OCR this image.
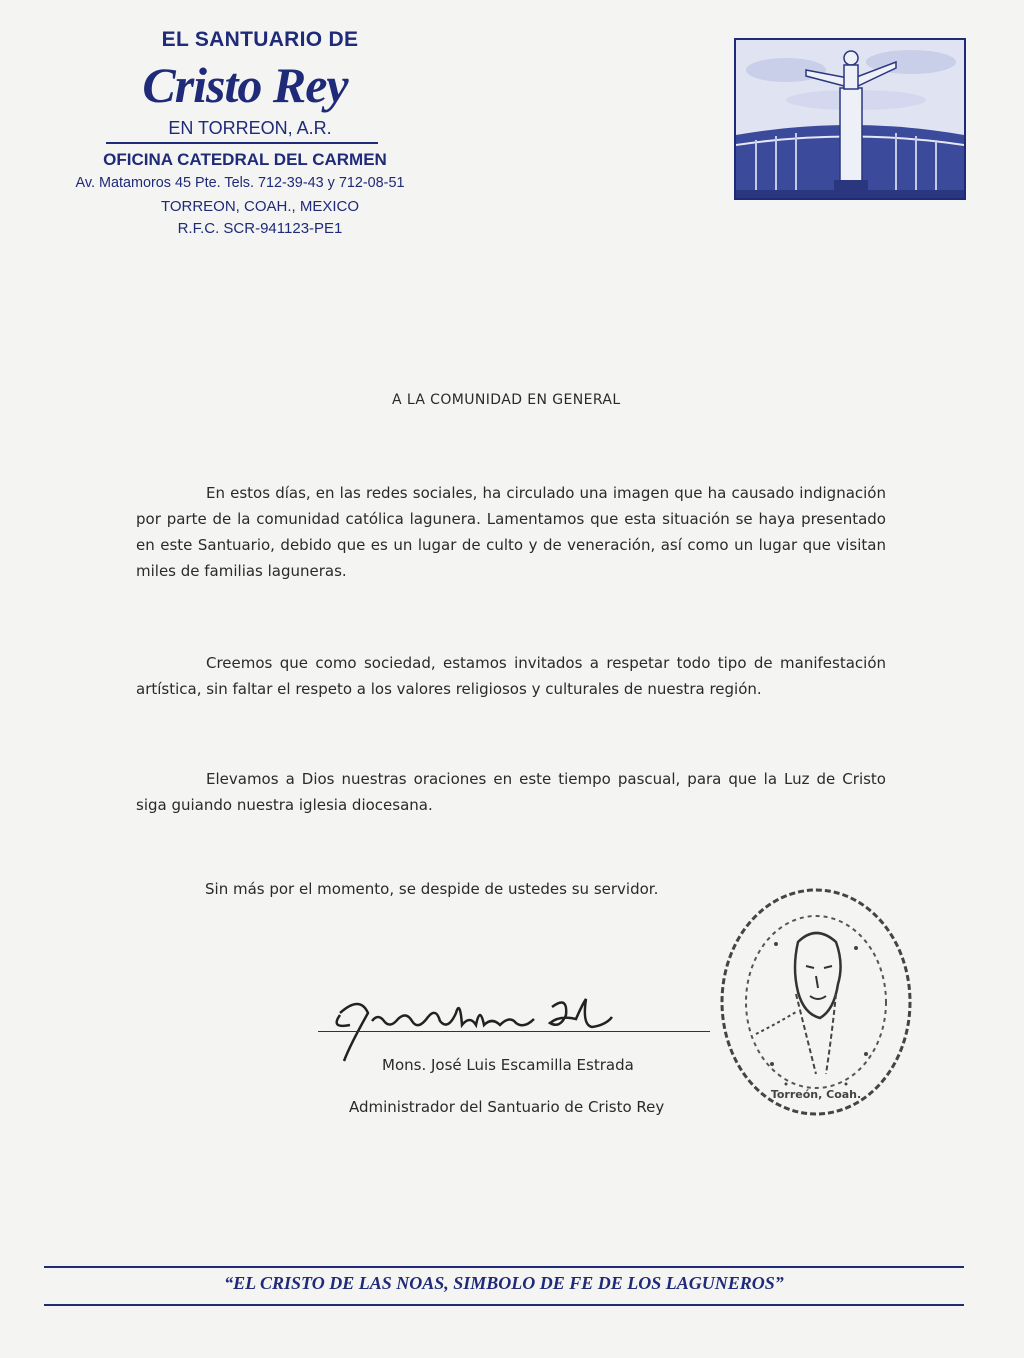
EL SANTUARIO DE
Cristo Rey
EN TORREON, A.R.
OFICINA CATEDRAL DEL CARMEN
Av. Matamoros 45 Pte. Tels. 712-39-43 y 712-08-51
TORREON, COAH., MEXICO
R.F.C. SCR-941123-PE1
A LA COMUNIDAD EN GENERAL
En estos días, en las redes sociales, ha circulado una imagen que ha causado indignación por parte de la comunidad católica lagunera. Lamentamos que esta situación se haya presentado en este Santuario, debido que es un lugar de culto y de veneración, así como un lugar que visitan miles de familias laguneras.
Creemos que como sociedad, estamos invitados a respetar todo tipo de manifestación artística, sin faltar el respeto a los valores religiosos y culturales de nuestra región.
Elevamos a Dios nuestras oraciones en este tiempo pascual, para que la Luz de Cristo siga guiando nuestra iglesia diocesana.
Sin más por el momento, se despide de ustedes su servidor.
Mons. José Luis Escamilla Estrada
Administrador del Santuario de Cristo Rey
Torreón, Coah.
“EL CRISTO DE LAS NOAS, SIMBOLO DE FE DE LOS LAGUNEROS”
